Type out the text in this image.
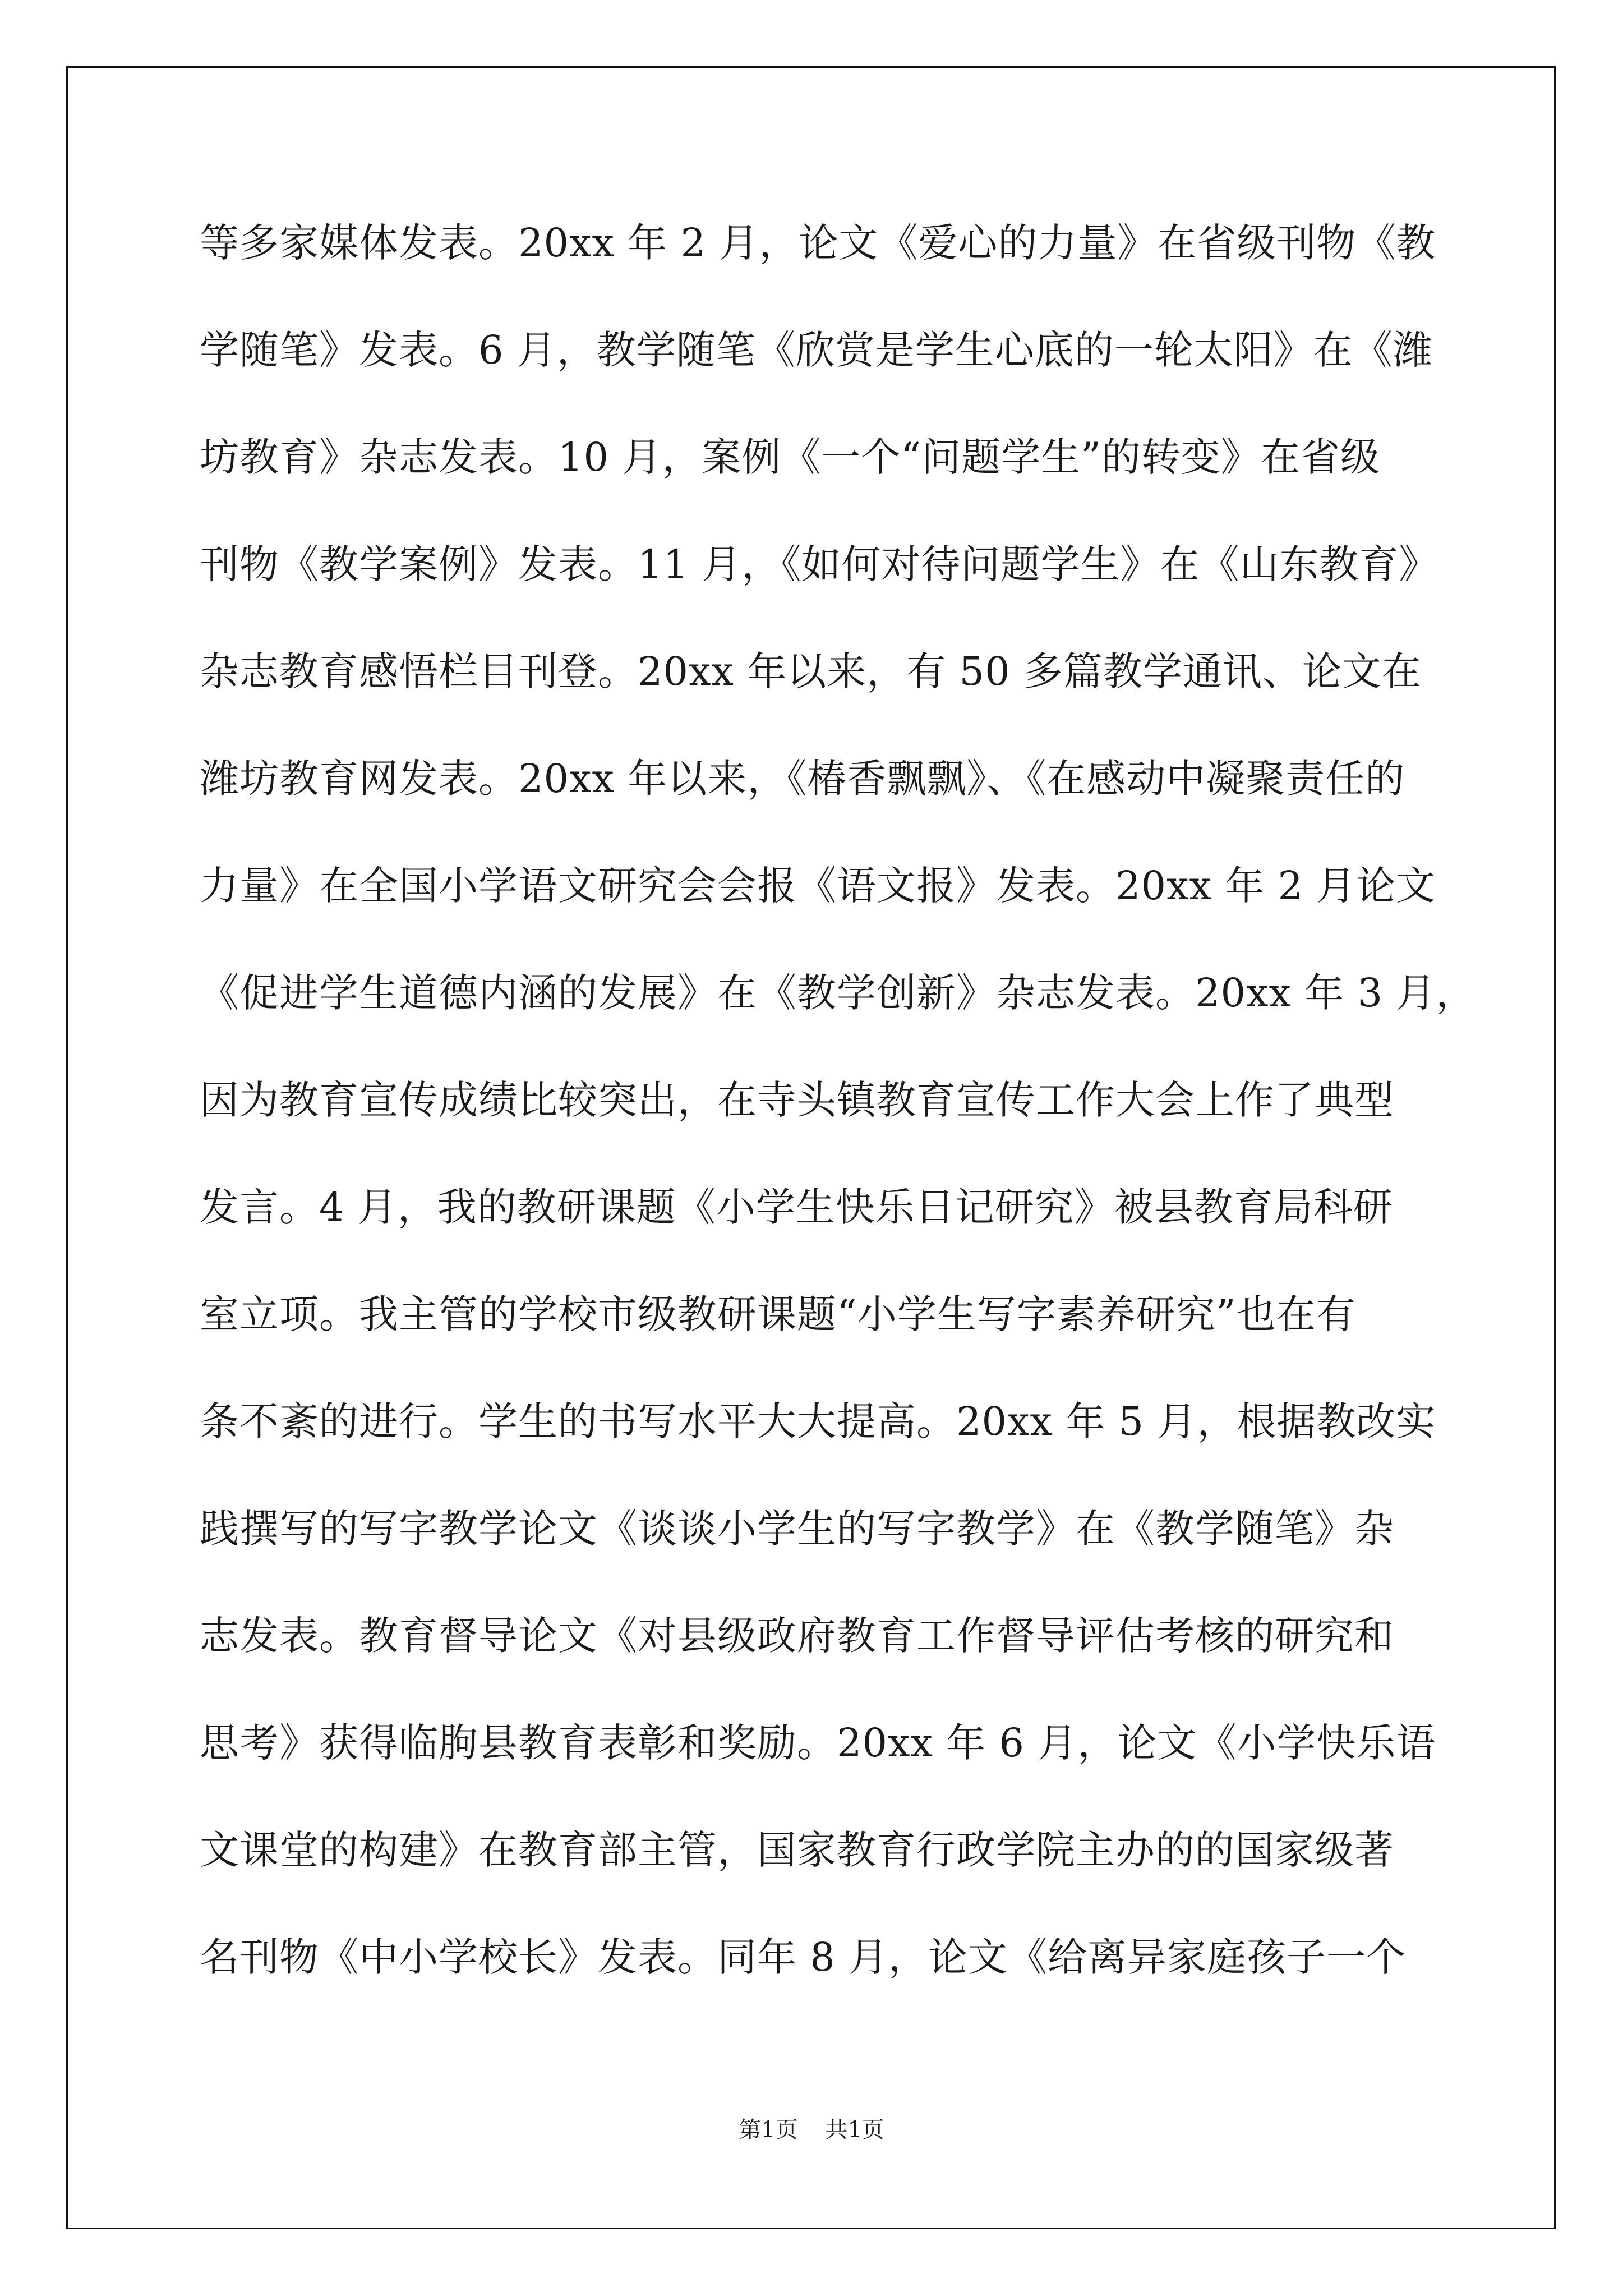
等多家媒体发表。20xx 年 2 月，论文《爱心的力量》在省级刊物《教
学随笔》发表。6 月，教学随笔《欣赏是学生心底的一轮太阳》在《潍
坊教育》杂志发表。10 月，案例《一个“问题学生”的转变》在省级
刊物《教学案例》发表。11 月，《如何对待问题学生》在《山东教育》
杂志教育感悟栏目刊登。20xx 年以来，有 50 多篇教学通讯、论文在
潍坊教育网发表。20xx 年以来，《椿香飘飘》、《在感动中凝聚责任的
力量》在全国小学语文研究会会报《语文报》发表。20xx 年 2 月论文
《促进学生道德内涵的发展》在《教学创新》杂志发表。20xx 年 3 月，
因为教育宣传成绩比较突出，在寺头镇教育宣传工作大会上作了典型
发言。4 月，我的教研课题《小学生快乐日记研究》被县教育局科研
室立项。我主管的学校市级教研课题“小学生写字素养研究”也在有
条不紊的进行。学生的书写水平大大提高。20xx 年 5 月，根据教改实
践撰写的写字教学论文《谈谈小学生的写字教学》在《教学随笔》杂
志发表。教育督导论文《对县级政府教育工作督导评估考核的研究和
思考》获得临朐县教育表彰和奖励。20xx 年 6 月，论文《小学快乐语
文课堂的构建》在教育部主管，国家教育行政学院主办的的国家级著
名刊物《中小学校长》发表。同年 8 月，论文《给离异家庭孩子一个
第1页 共1页
